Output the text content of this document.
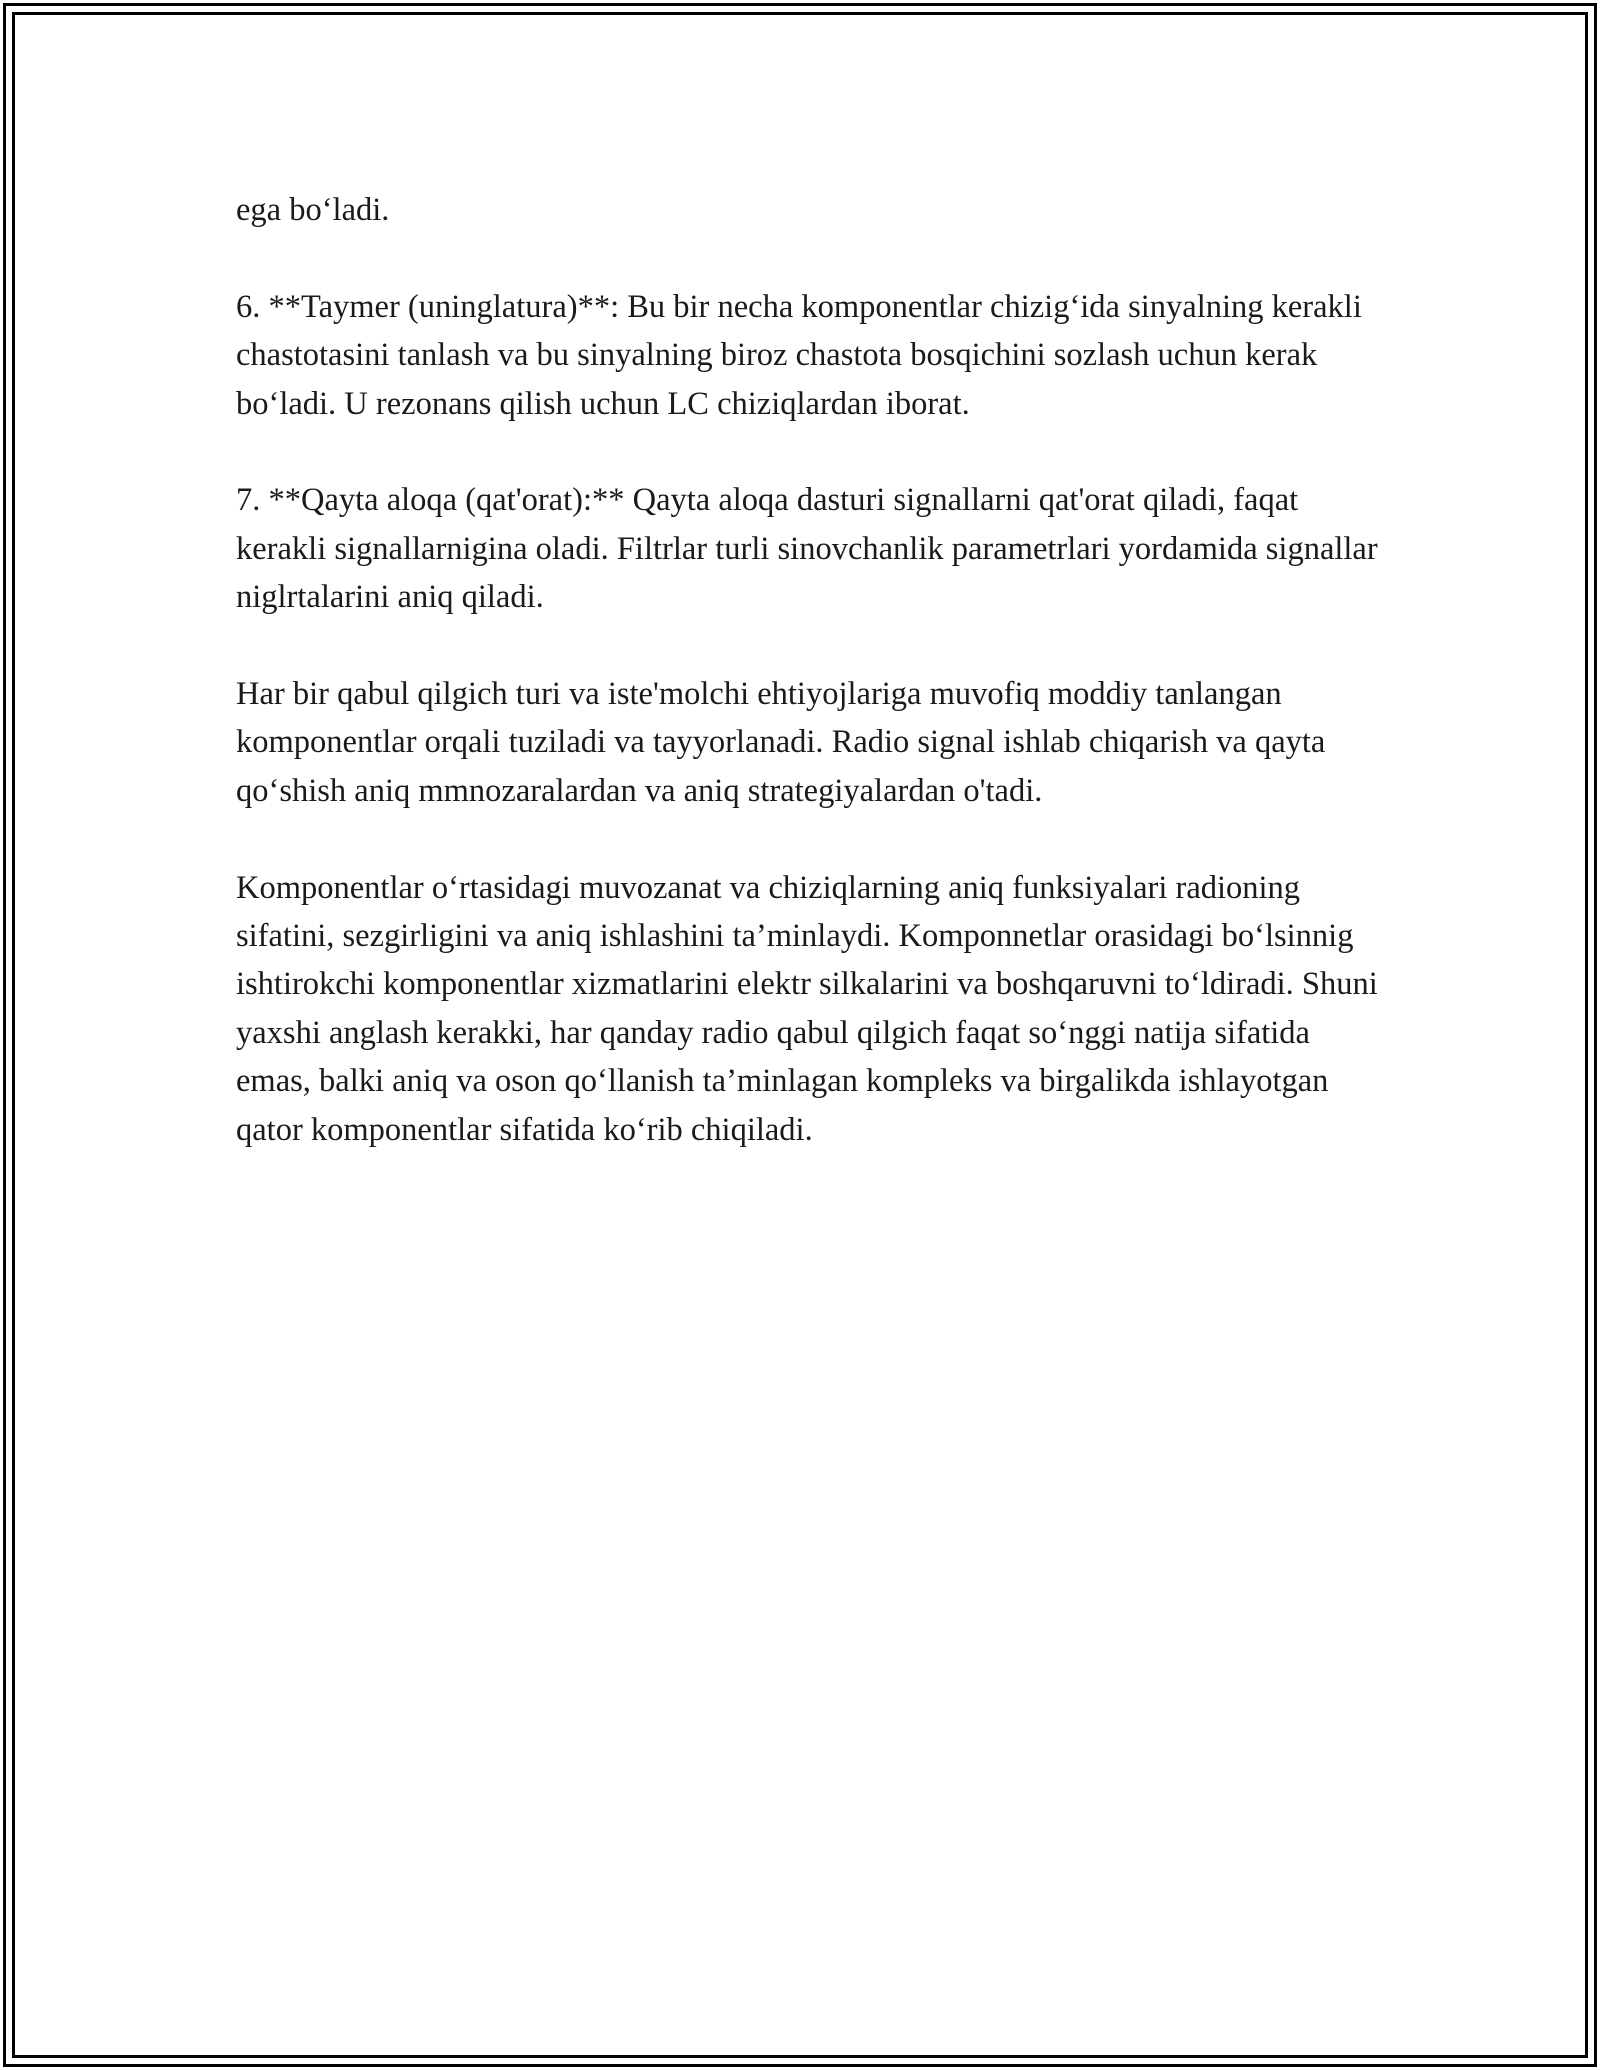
ega bo‘ladi.

6. **Taymer (uninglatura)**: Bu bir necha komponentlar chizig‘ida sinyalning kerakli chastotasini tanlash va bu sinyalning biroz chastota bosqichini sozlash uchun kerak bo‘ladi. U rezonans qilish uchun LC chiziqlardan iborat.

7. **Qayta aloqa (qat'orat):** Qayta aloqa dasturi signallarni qat'orat qiladi, faqat kerakli signallarnigina oladi. Filtrlar turli sinovchanlik parametrlari yordamida signallar niglrtalarini aniq qiladi.

Har bir qabul qilgich turi va iste'molchi ehtiyojlariga muvofiq moddiy tanlangan komponentlar orqali tuziladi va tayyorlanadi. Radio signal ishlab chiqarish va qayta qo‘shish aniq mmnozaralardan va aniq strategiyalardan o'tadi.

Komponentlar o‘rtasidagi muvozanat va chiziqlarning aniq funksiyalari radioning sifatini, sezgirligini va aniq ishlashini ta’minlaydi. Komponnetlar orasidagi bo‘lsinnig ishtirokchi komponentlar xizmatlarini elektr silkalarini va boshqaruvni to‘ldiradi. Shuni yaxshi anglash kerakki, har qanday radio qabul qilgich faqat so‘nggi natija sifatida emas, balki aniq va oson qo‘llanish ta’minlagan kompleks va birgalikda ishlayotgan qator komponentlar sifatida ko‘rib chiqiladi.
